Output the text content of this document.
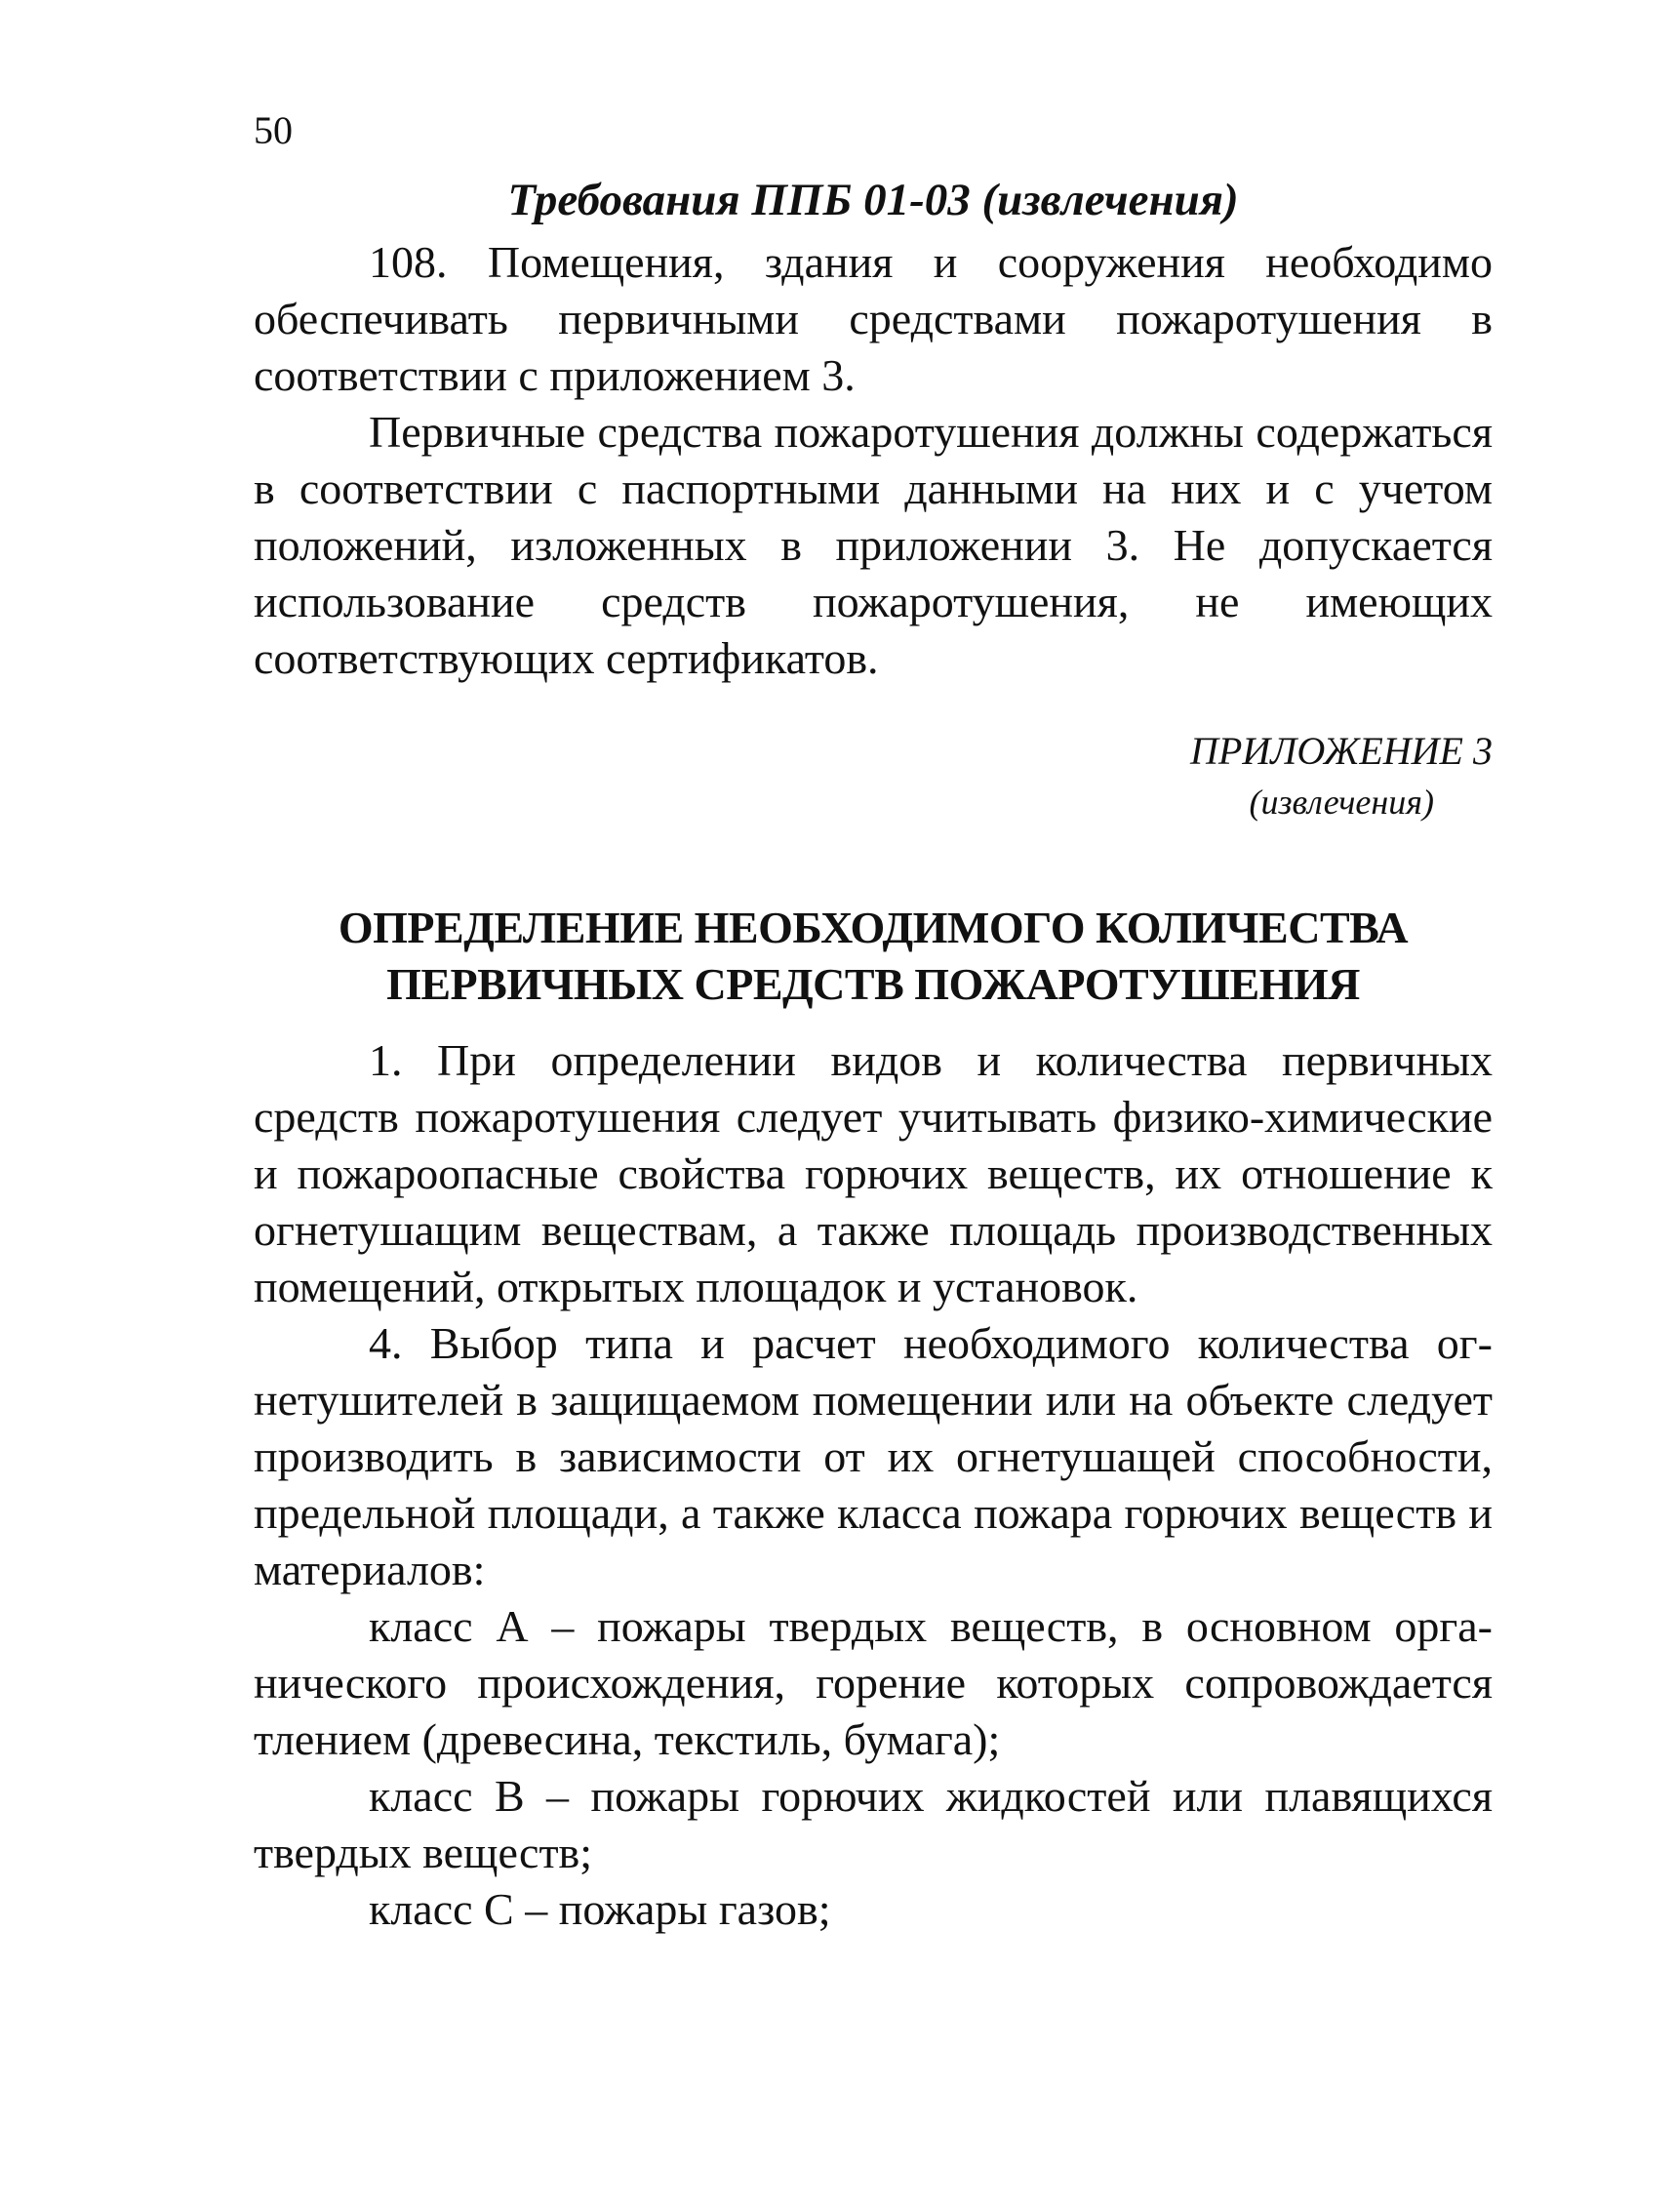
50
Требования ППБ 01-03 (извлечения)

108. Помещения, здания и сооружения необходимо обеспечивать первичными средствами пожаротушения в соответствии с приложением 3.

Первичные средства пожаротушения должны содержаться в соответствии с паспортными данными на них и с учетом положений, изложенных в приложении 3. Не допускается использование средств пожаротушения, не имеющих соответствующих сертификатов.

ПРИЛОЖЕНИЕ 3
(извлечения)
ОПРЕДЕЛЕНИЕ НЕОБХОДИМОГО КОЛИЧЕСТВА
ПЕРВИЧНЫХ СРЕДСТВ ПОЖАРОТУШЕНИЯ

1. При определении видов и количества первичных средств пожаротушения следует учитывать физико-химические и пожароопасные свойства горючих веществ, их отношение к огнетушащим веществам, а также площадь производственных помещений, открытых площадок и установок.

4. Выбор типа и расчет необходимого количества огнетушителей в защищаемом помещении или на объекте следует производить в зависимости от их огнетушащей способности, предельной площади, а также класса пожара горючих веществ и материалов:

класс А – пожары твердых веществ, в основном органического происхождения, горение которых сопровождается тлением (древесина, текстиль, бумага);

класс В – пожары горючих жидкостей или плавящихся твердых веществ;

класс С – пожары газов;
